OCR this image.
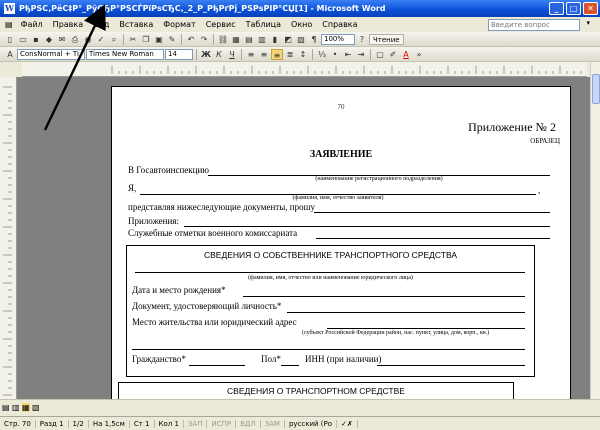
W РђРЅС‚РёС‡Р°_РўСЂР°РЅСЃРїРѕСЂС‚_2_Р_РђРґРј_РЅРѕРІР°СЏ[1] - Microsoft Word	_	□	✕
▤	Файл	Правка	Вид	Вставка	Формат	Сервис	Таблица	Окно	Справка	Введите вопрос	▾
▯ ▭ ▪ ◆ ✉ ⎙ ◉ ✓ ⌕	✂ ❐ ▣ ✎	↶ ↷	⛓ ▦ ▤ ▥ ▮ ◩ ▧ ¶	100%	?	Чтение
A	ConsNormal + Ti	Times New Roman	14	Ж К Ч	≡ ≡ ≡ ≣ ↕	⅓ • ⇤ ⇥	▢ ✐ A »
70
Приложение № 2
ОБРАЗЕЦ
ЗАЯВЛЕНИЕ
В Госавтоинспекцию
(наименование регистрационного подразделения)
Я,	,
(фамилия, имя, отчество заявителя)
представляя нижеследующие документы, прошу
Приложения:
Служебные отметки военного комиссариата
СВЕДЕНИЯ О СОБСТВЕННИКЕ ТРАНСПОРТНОГО СРЕДСТВА
(фамилия, имя, отчество или наименование юридического лица)
Дата и место рождения*
Документ, удостоверяющий личность*
Место жительства или юридический адрес
(субъект Российской Федерации район, нас. пункт, улица, дом, корп., кв.)
Гражданство*	Пол*	ИНН (при наличии)
СВЕДЕНИЯ О ТРАНСПОРТНОМ СРЕДСТВЕ
▤ ▥ ▦ ▧
Стр. 70	Разд 1	1/2	На 1,5см	Ст 1	Кол 1	ЗАП	ИСПР	ВДЛ	ЗАМ	русский (Ро	✓✗
